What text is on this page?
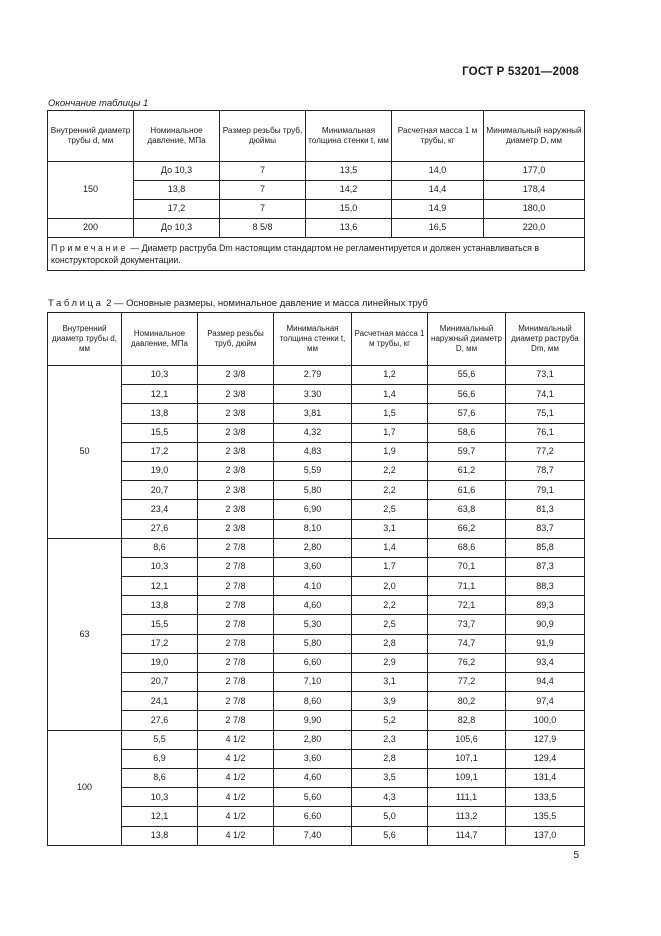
ГОСТ Р 53201—2008
Окончание таблицы 1
Внутренний диаметр трубы d, мм	Номинальное давление, МПа	Размер резьбы труб, дюймы	Минимальная толщина стенки t, мм	Расчетная масса 1 м трубы, кг	Минимальный наружный диаметр D, мм
150	До 10,3	7	13,5	14,0	177,0
	13,8	7	14,2	14,4	178,4
	17,2	7	15,0	14,9	180,0
200	До 10,3	8 5/8	13,6	16,5	220,0
Примечание — Диаметр раструба Dm настоящим стандартом не регламентируется и должен устанавливаться в конструкторской документации.					
Таблица 2 — Основные размеры, номинальное давление и масса линейных труб
Внутренний диаметр трубы d, мм	Номинальное давление, МПа	Размер резьбы труб, дюйм	Минимальная толщина стенки t, мм	Расчетная масса 1 м трубы, кг	Минимальный наружный диаметр D, мм	Минимальный диаметр раструба Dm, мм
50	10,3	2 3/8	2.79	1,2	55,6	73,1
	12,1	2 3/8	3.30	1,4	56,6	74,1
	13,8	2 3/8	3,81	1,5	57,6	75,1
	15,5	2 3/8	4,32	1,7	58,6	76,1
	17,2	2 3/8	4,83	1,9	59,7	77,2
	19,0	2 3/8	5,59	2,2	61,2	78,7
	20,7	2 3/8	5,80	2,2	61,6	79,1
	23,4	2 3/8	6,90	2,5	63,8	81,3
	27,6	2 3/8	8,10	3,1	66,2	83,7
63	8,6	2 7/8	2,80	1,4	68,6	85,8
	10,3	2 7/8	3,60	1.7	70,1	87,3
	12,1	2 7/8	4.10	2,0	71,1	88,3
	13,8	2 7/8	4,60	2,2	72,1	89,3
	15,5	2 7/8	5,30	2,5	73,7	90,9
	17,2	2 7/8	5,80	2,8	74,7	91,9
	19,0	2 7/8	6,60	2,9	76,2	93,4
	20,7	2 7/8	7,10	3,1	77,2	94,4
	24,1	2 7/8	8,60	3,9	80,2	97,4
	27,6	2 7/8	9,90	5,2	82,8	100,0
100	5,5	4 1/2	2,80	2,3	105,6	127,9
	6,9	4 1/2	3,60	2,8	107,1	129,4
	8,6	4 1/2	4,60	3,5	109,1	131,4
	10,3	4 1/2	5,60	4,3	111,1	133,5
	12,1	4 1/2	6,60	5,0	113,2	135,5
	13,8	4 1/2	7,40	5,6	114,7	137,0
5
